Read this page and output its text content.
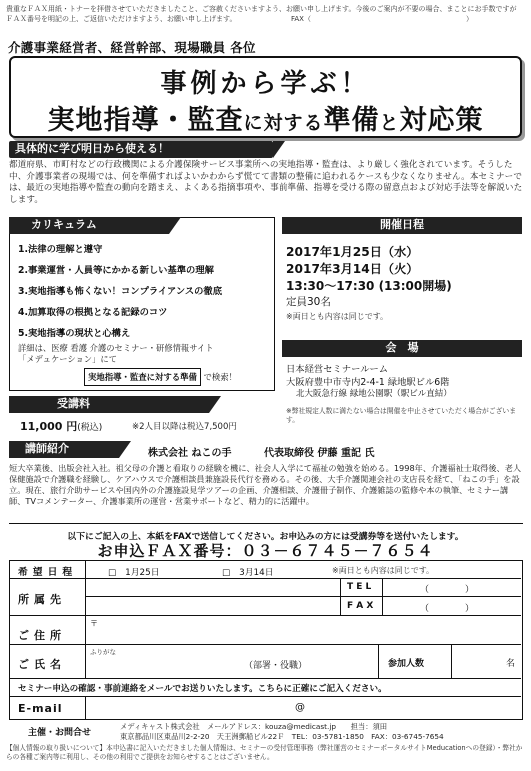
貴重なＦＡＸ用紙・トナーを拝借させていただきましたこと、ご容赦くださいますよう、お願い申し上げます。今後のご案内が不要の場合、まことにお手数ですが
ＦＡＸ番号を明記の上、ご返信いただけますよう、お願い申し上げます。	FAX（	）
介護事業経営者、経営幹部、現場職員 各位
事例から学ぶ！
実地指導・監査に対する準備と対応策
具体的に学び明日から使える！
都道府県、市町村などの行政機関による介護保険サービス事業所への実地指導・監査は、より厳しく強化されています。そうした中、介護事業者の現場では、何を準備すればよいかわからず慌てて書類の整備に追われるケースも少なくなりません。本セミナーでは、最近の実地指導や監査の動向を踏まえ、よくある指摘事項や、事前準備、指導を受ける際の留意点および対応手法等を解説いたします。
カリキュラム
1.法律の理解と遵守
2.事業運営・人員等にかかる新しい基準の理解
3.実地指導も怖くない！コンプライアンスの徹底
4.加算取得の根拠となる記録のコツ
5.実地指導の現状と心構え
詳細は、医療 看護 介護のセミナー・研修情報サイト
「メデュケーション」にて
実地指導・監査に対する準備 で検索！
開催日程
2017年1月25日（水）
2017年3月14日（火）
13:30～17:30 (13:00開場)
定員30名
※両日とも内容は同じです。
会　場
日本経営セミナールーム
大阪府豊中市寺内2-4-1 緑地駅ビル6階
北大阪急行線 緑地公園駅（駅ビル直結）
※弊社規定人数に満たない場合は開催を中止させていただく場合がございます。
受講料
11,000 円(税込)	※2人目以降は税込7,500円
講師紹介	株式会社 ねこの手	代表取締役 伊藤 重記 氏
短大卒業後、出版会社入社。祖父母の介護と看取りの経験を機に、社会人入学にて福祉の勉強を始める。1998年、介護福祉士取得後、老人保健施設で介護職を経験し、ケアハウスで介護相談員兼施設長代行を務める。その後、大手介護関連会社の支店長を経て、「ねこの手」を設立。現在、旅行介助サービスや国内外の介護施設見学ツアーの企画、介護相談、介護冊子制作、介護雑誌の監修や本の執筆、セミナー講師、TVコメンテーター、介護事業所の運営・営業サポートなど、精力的に活躍中。
以下にご記入の上、本紙をFAXで送信してください。お申込みの方には受講券等を送付いたします。
お申込ＦＡＸ番号：０３－６７４５－７６５４
希望日程	□　1月25日	□　3月14日	※両日とも内容は同じです。
所属先
T E L	（　　　　）
F A X	（　　　　）
ご住所
〒
ご氏名
ふりがな
（部署・役職）	参加人数	名
セミナー申込の確認・事前連絡をメールでお送りいたします。こちらに正確にご記入ください。
E-mail	@
主催・お問合せ
メディキャスト株式会社　メールアドレス：kouza@medicast.jp　　担当：須田
東京都品川区東品川2-2-20　天王洲郵船ビル22Ｆ　TEL：03-5781-1850　FAX：03-6745-7654
【個人情報の取り扱いについて】本申込書に記入いただきました個人情報は、セミナーの受付管理事務（弊社運営のセミナーポータルサイトMeducationへの登録）・弊社からの各種ご案内等に利用し、その他の利用でご提供をお知らせすることはございません。
